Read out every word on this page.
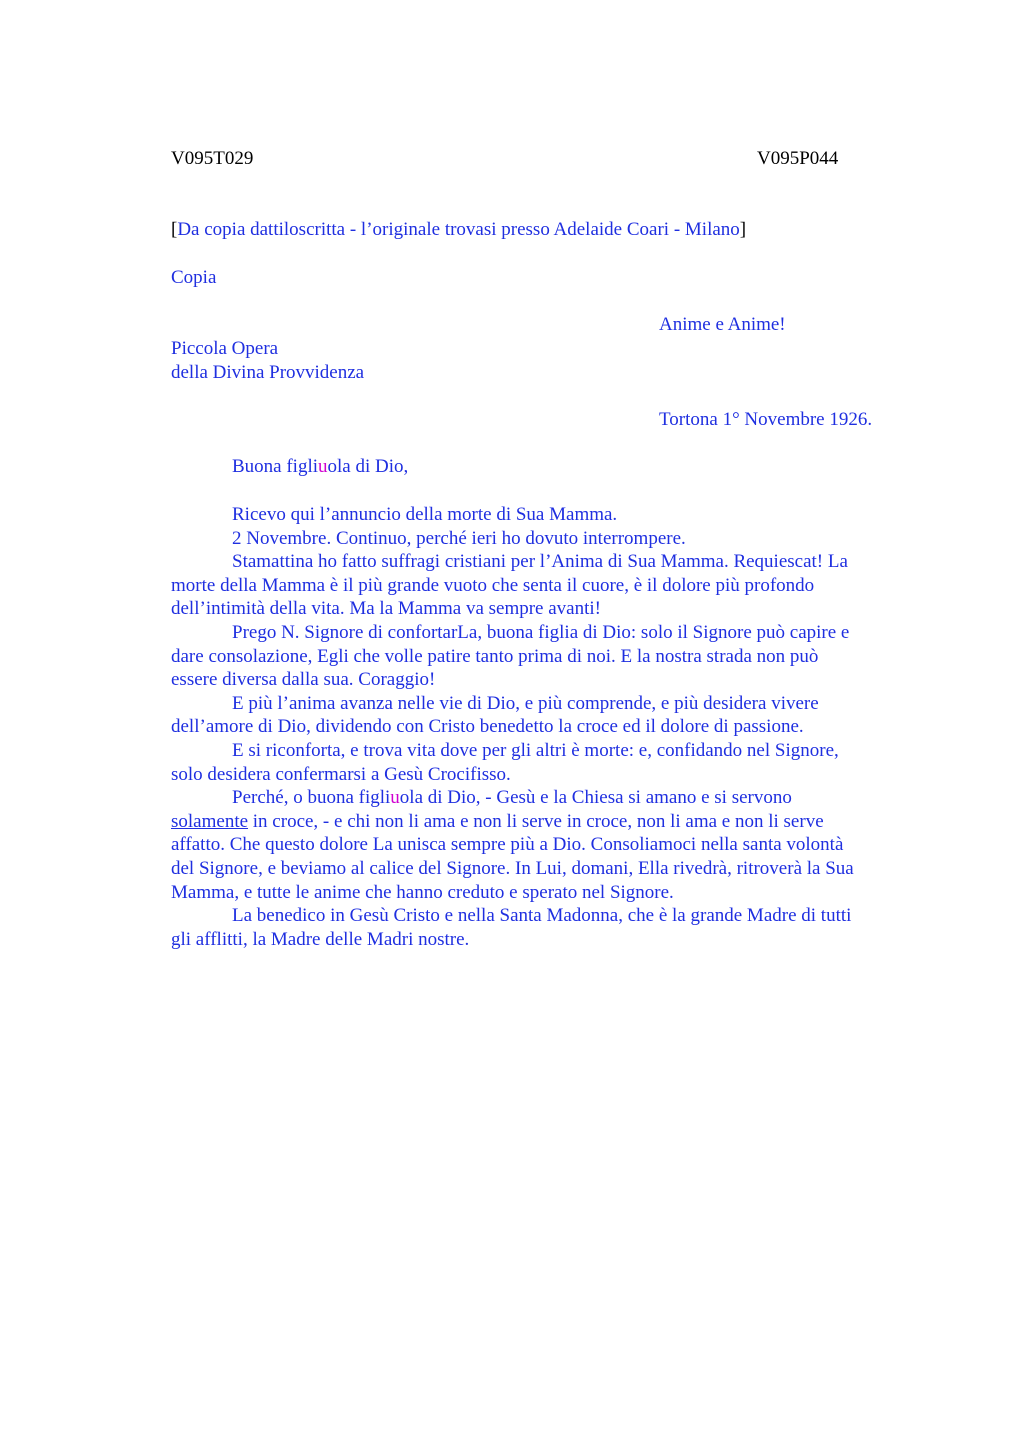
V095T029	V095P044
[Da copia dattiloscritta - l’originale trovasi presso Adelaide Coari - Milano]
Copia
Anime e Anime!
Piccola Opera
della Divina Provvidenza
Tortona 1° Novembre 1926.
Buona figliuola di Dio,

Ricevo qui l’annuncio della morte di Sua Mamma.

2 Novembre. Continuo, perché ieri ho dovuto interrompere.

Stamattina ho fatto suffragi cristiani per l’Anima di Sua Mamma. Requiescat! La
morte della Mamma è il più grande vuoto che senta il cuore, è il dolore più profondo
dell’intimità della vita. Ma la Mamma va sempre avanti!

Prego N. Signore di confortarLa, buona figlia di Dio: solo il Signore può capire e
dare consolazione, Egli che volle patire tanto prima di noi. E la nostra strada non può
essere diversa dalla sua. Coraggio!

E più l’anima avanza nelle vie di Dio, e più comprende, e più desidera vivere
dell’amore di Dio, dividendo con Cristo benedetto la croce ed il dolore di passione.

E si riconforta, e trova vita dove per gli altri è morte: e, confidando nel Signore,
solo desidera confermarsi a Gesù Crocifisso.

Perché, o buona figliuola di Dio, - Gesù e la Chiesa si amano e si servono
solamente in croce, - e chi non li ama e non li serve in croce, non li ama e non li serve
affatto. Che questo dolore La unisca sempre più a Dio. Consoliamoci nella santa volontà
del Signore, e beviamo al calice del Signore. In Lui, domani, Ella rivedrà, ritroverà la Sua
Mamma, e tutte le anime che hanno creduto e sperato nel Signore.

La benedico in Gesù Cristo e nella Santa Madonna, che è la grande Madre di tutti
gli afflitti, la Madre delle Madri nostre.
